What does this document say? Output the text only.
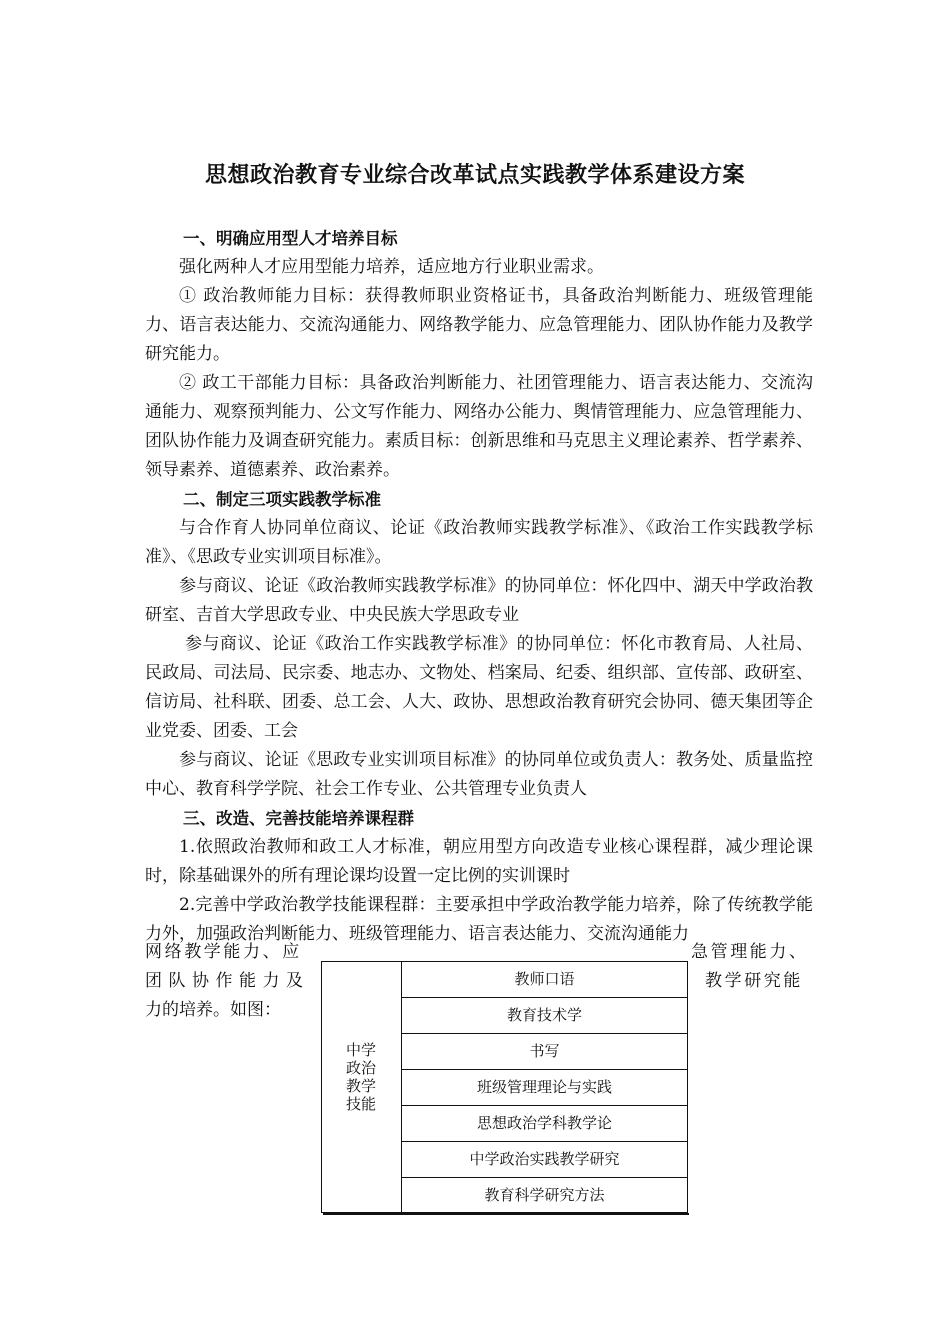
思想政治教育专业综合改革试点实践教学体系建设方案

一、明确应用型人才培养目标

强化两种人才应用型能力培养，适应地方行业职业需求。

① 政治教师能力目标：获得教师职业资格证书，具备政治判断能力、班级管理能力、语言表达能力、交流沟通能力、网络教学能力、应急管理能力、团队协作能力及教学研究能力。

② 政工干部能力目标：具备政治判断能力、社团管理能力、语言表达能力、交流沟通能力、观察预判能力、公文写作能力、网络办公能力、舆情管理能力、应急管理能力、团队协作能力及调查研究能力。素质目标：创新思维和马克思主义理论素养、哲学素养、领导素养、道德素养、政治素养。

二、制定三项实践教学标准

与合作育人协同单位商议、论证《政治教师实践教学标准》、《政治工作实践教学标准》、《思政专业实训项目标准》。

参与商议、论证《政治教师实践教学标准》的协同单位：怀化四中、湖天中学政治教研室、吉首大学思政专业、中央民族大学思政专业

参与商议、论证《政治工作实践教学标准》的协同单位：怀化市教育局、人社局、民政局、司法局、民宗委、地志办、文物处、档案局、纪委、组织部、宣传部、政研室、信访局、社科联、团委、总工会、人大、政协、思想政治教育研究会协同、德天集团等企业党委、团委、工会

参与商议、论证《思政专业实训项目标准》的协同单位或负责人：教务处、质量监控中心、教育科学学院、社会工作专业、公共管理专业负责人

三、改造、完善技能培养课程群

1.依照政治教师和政工人才标准，朝应用型方向改造专业核心课程群，减少理论课时，除基础课外的所有理论课均设置一定比例的实训课时

2.完善中学政治教学技能课程群：主要承担中学政治教学能力培养，除了传统教学能力外，加强政治判断能力、班级管理能力、语言表达能力、交流沟通能力

网络教学能力、应	急管理能力、
团队协作能力及	教学研究能
力的培养。如图：
中学
政治
教学
技能
教师口语
教育技术学
书写
班级管理理论与实践
思想政治学科教学论
中学政治实践教学研究
教育科学研究方法
